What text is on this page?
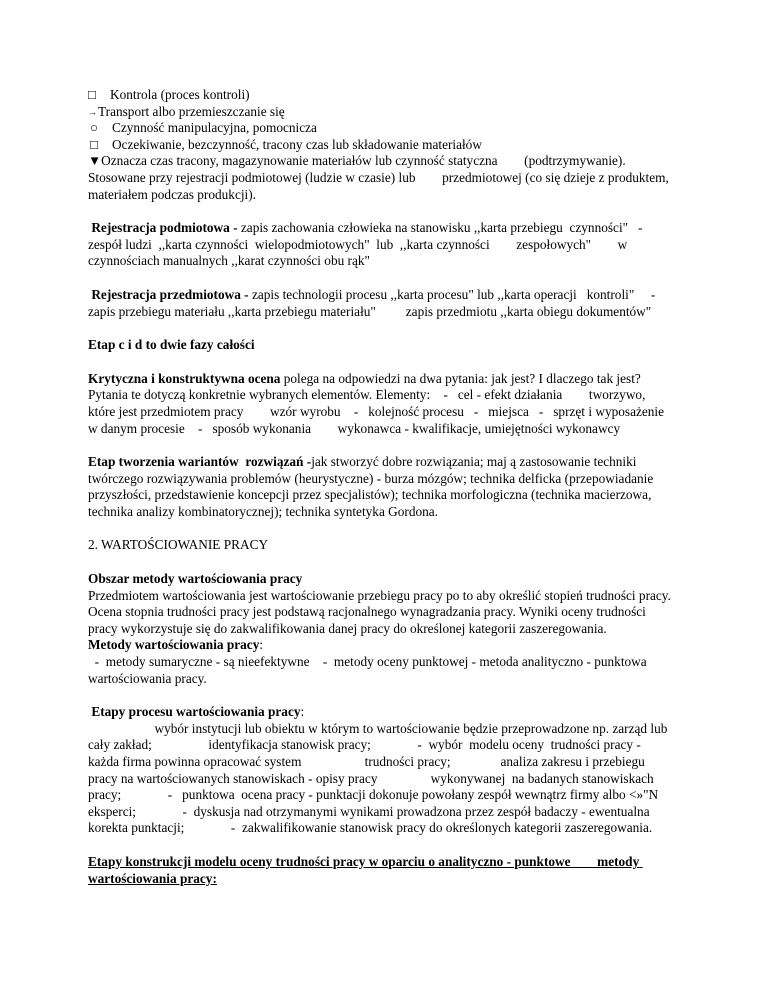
□ Kontrola (proces kontroli)

→Transport albo przemieszczanie się

○ Czynność manipulacyjna, pomocnicza

□ Oczekiwanie, bezczynność, tracony czas lub składowanie materiałów

▼Oznacza czas tracony, magazynowanie materiałów lub czynność statyczna        (podtrzymywanie). Stosowane przy rejestracji podmiotowej (ludzie w czasie) lub        przedmiotowej (co się dzieje z produktem, materiałem podczas produkcji).

Rejestracja podmiotowa - zapis zachowania człowieka na stanowisku ,,karta przebiegu  czynności"   - zespół ludzi  ,,karta czynności  wielopodmiotowych"  lub  ,,karta czynności        zespołowych"        w czynnościach manualnych ,,karat czynności obu rąk"

Rejestracja przedmiotowa - zapis technologii procesu ,,karta procesu" lub ,,karta operacji   kontroli"     - zapis przebiegu materiału ,,karta przebiegu materiału"         zapis przedmiotu ,,karta obiegu dokumentów"

Etap c i d to dwie fazy całości

Krytyczna i konstruktywna ocena polega na odpowiedzi na dwa pytania: jak jest? I dlaczego tak jest? Pytania te dotyczą konkretnie wybranych elementów. Elementy:    -   cel - efekt działania        tworzywo, które jest przedmiotem pracy        wzór wyrobu    -   kolejność procesu   -   miejsca   -   sprzęt i wyposażenie w danym procesie    -   sposób wykonania        wykonawca - kwalifikacje, umiejętności wykonawcy

Etap tworzenia wariantów  rozwiązań -jak stworzyć dobre rozwiązania; maj ą zastosowanie techniki twórczego rozwiązywania problemów (heurystyczne) - burza mózgów; technika delficka (przepowiadanie przyszłości, przedstawienie koncepcji przez specjalistów); technika morfologiczna (technika macierzowa, technika analizy kombinatorycznej); technika syntetyka Gordona.

2. WARTOŚCIOWANIE PRACY

Obszar metody wartościowania pracy

Przedmiotem wartościowania jest wartościowanie przebiegu pracy po to aby określić stopień trudności pracy. Ocena stopnia trudności pracy jest podstawą racjonalnego wynagradzania pracy. Wyniki oceny trudności pracy wykorzystuje się do zakwalifikowania danej pracy do określonej kategorii zaszeregowania.

Metody wartościowania pracy:

-  metody sumaryczne - są nieefektywne    -  metody oceny punktowej - metoda analityczno - punktowa wartościowania pracy.

Etapy procesu wartościowania pracy:

wybór instytucji lub obiektu w którym to wartościowanie będzie przeprowadzone np. zarząd lub cały zakład;                 identyfikacja stanowisk pracy;              -  wybór  modelu oceny  trudności pracy - każda firma powinna opracować system                   trudności pracy;               analiza zakresu i przebiegu pracy na wartościowanych stanowiskach - opisy pracy                wykonywanej  na badanych stanowiskach pracy;              -   punktowa  ocena pracy - punktacji dokonuje powołany zespół wewnątrz firmy albo <»"N          eksperci;              -  dyskusja nad otrzymanymi wynikami prowadzona przez zespół badaczy - ewentualna              korekta punktacji;              -  zakwalifikowanie stanowisk pracy do określonych kategorii zaszeregowania.

Etapy konstrukcji modelu oceny trudności pracy w oparciu o analityczno - punktowe        metody wartościowania pracy:
